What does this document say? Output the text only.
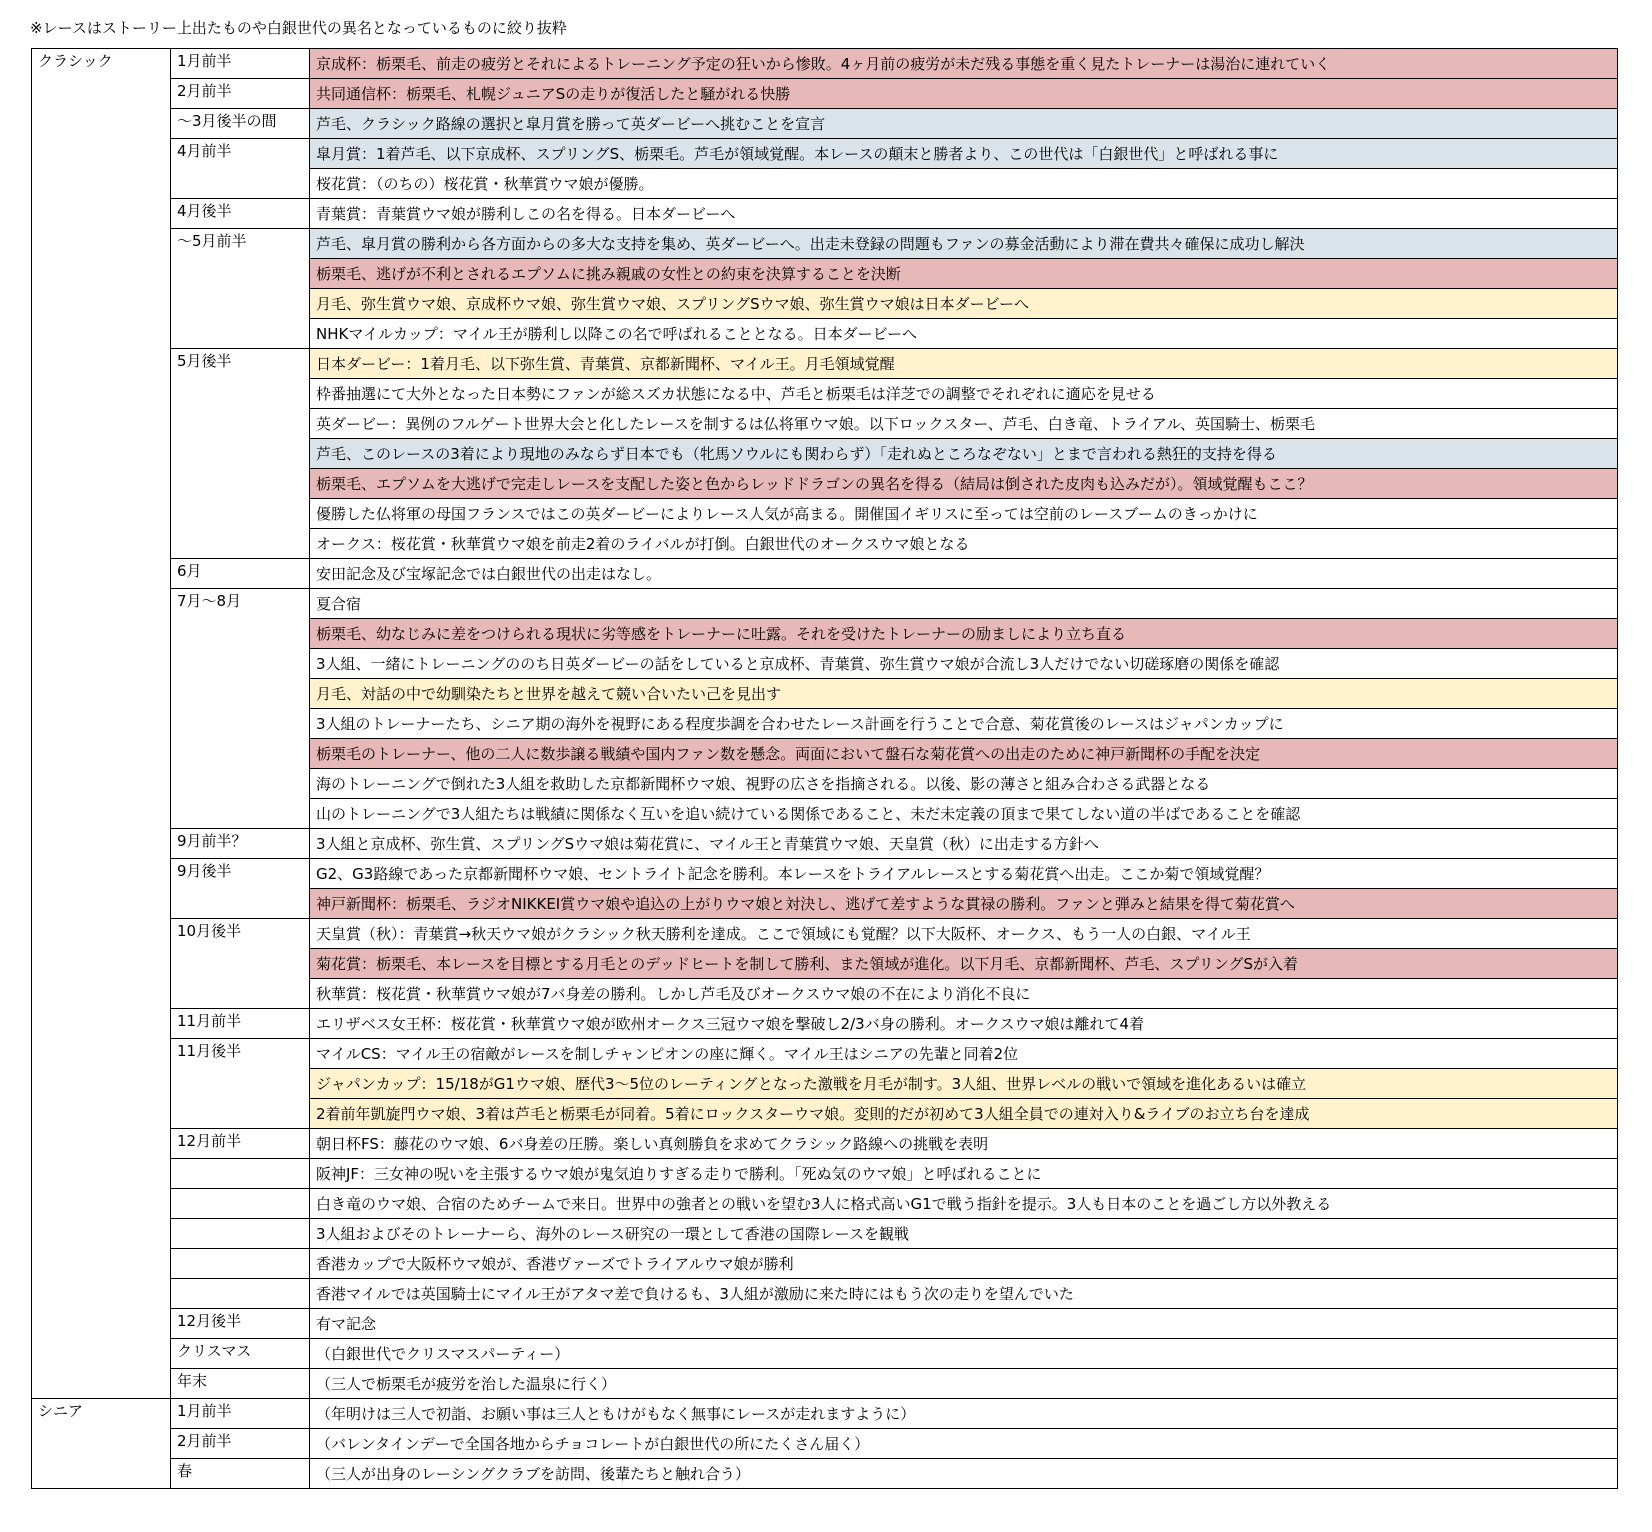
※レースはストーリー上出たものや白銀世代の異名となっているものに絞り抜粋
クラシック	1月前半	京成杯：栃栗毛、前走の疲労とそれによるトレーニング予定の狂いから惨敗。4ヶ月前の疲労が未だ残る事態を重く見たトレーナーは湯治に連れていく
	2月前半	共同通信杯：栃栗毛、札幌ジュニアSの走りが復活したと騒がれる快勝
	～3月後半の間	芦毛、クラシック路線の選択と皐月賞を勝って英ダービーへ挑むことを宣言
	4月前半	皐月賞：1着芦毛、以下京成杯、スプリングS、栃栗毛。芦毛が領域覚醒。本レースの顛末と勝者より、この世代は「白銀世代」と呼ばれる事に
		桜花賞：（のちの）桜花賞・秋華賞ウマ娘が優勝。
	4月後半	青葉賞：青葉賞ウマ娘が勝利しこの名を得る。日本ダービーへ
	～5月前半	芦毛、皐月賞の勝利から各方面からの多大な支持を集め、英ダービーへ。出走未登録の問題もファンの募金活動により滞在費共々確保に成功し解決
		栃栗毛、逃げが不利とされるエプソムに挑み親戚の女性との約束を決算することを決断
		月毛、弥生賞ウマ娘、京成杯ウマ娘、弥生賞ウマ娘、スプリングSウマ娘、弥生賞ウマ娘は日本ダービーへ
		NHKマイルカップ：マイル王が勝利し以降この名で呼ばれることとなる。日本ダービーへ
	5月後半	日本ダービー：1着月毛、以下弥生賞、青葉賞、京都新聞杯、マイル王。月毛領域覚醒
		枠番抽選にて大外となった日本勢にファンが総スズカ状態になる中、芦毛と栃栗毛は洋芝での調整でそれぞれに適応を見せる
		英ダービー：異例のフルゲート世界大会と化したレースを制するは仏将軍ウマ娘。以下ロックスター、芦毛、白き竜、トライアル、英国騎士、栃栗毛
		芦毛、このレースの3着により現地のみならず日本でも（牝馬ソウルにも関わらず）「走れぬところなぞない」とまで言われる熱狂的支持を得る
		栃栗毛、エプソムを大逃げで完走しレースを支配した姿と色からレッドドラゴンの異名を得る（結局は倒された皮肉も込みだが）。領域覚醒もここ？
		優勝した仏将軍の母国フランスではこの英ダービーによりレース人気が高まる。開催国イギリスに至っては空前のレースブームのきっかけに
		オークス：桜花賞・秋華賞ウマ娘を前走2着のライバルが打倒。白銀世代のオークスウマ娘となる
	6月	安田記念及び宝塚記念では白銀世代の出走はなし。
	7月～8月	夏合宿
		栃栗毛、幼なじみに差をつけられる現状に劣等感をトレーナーに吐露。それを受けたトレーナーの励ましにより立ち直る
		3人組、一緒にトレーニングののち日英ダービーの話をしていると京成杯、青葉賞、弥生賞ウマ娘が合流し3人だけでない切磋琢磨の関係を確認
		月毛、対話の中で幼馴染たちと世界を越えて競い合いたい己を見出す
		3人組のトレーナーたち、シニア期の海外を視野にある程度歩調を合わせたレース計画を行うことで合意、菊花賞後のレースはジャパンカップに
		栃栗毛のトレーナー、他の二人に数歩譲る戦績や国内ファン数を懸念。両面において盤石な菊花賞への出走のために神戸新聞杯の手配を決定
		海のトレーニングで倒れた3人組を救助した京都新聞杯ウマ娘、視野の広さを指摘される。以後、影の薄さと組み合わさる武器となる
		山のトレーニングで3人組たちは戦績に関係なく互いを追い続けている関係であること、未だ未定義の頂まで果てしない道の半ばであることを確認
	9月前半？	3人組と京成杯、弥生賞、スプリングSウマ娘は菊花賞に、マイル王と青葉賞ウマ娘、天皇賞（秋）に出走する方針へ
	9月後半	G2、G3路線であった京都新聞杯ウマ娘、セントライト記念を勝利。本レースをトライアルレースとする菊花賞へ出走。ここか菊で領域覚醒？
		神戸新聞杯：栃栗毛、ラジオNIKKEI賞ウマ娘や追込の上がりウマ娘と対決し、逃げて差すような貫禄の勝利。ファンと弾みと結果を得て菊花賞へ
	10月後半	天皇賞（秋）：青葉賞→秋天ウマ娘がクラシック秋天勝利を達成。ここで領域にも覚醒？以下大阪杯、オークス、もう一人の白銀、マイル王
		菊花賞：栃栗毛、本レースを目標とする月毛とのデッドヒートを制して勝利、また領域が進化。以下月毛、京都新聞杯、芦毛、スプリングSが入着
		秋華賞：桜花賞・秋華賞ウマ娘が7バ身差の勝利。しかし芦毛及びオークスウマ娘の不在により消化不良に
	11月前半	エリザベス女王杯：桜花賞・秋華賞ウマ娘が欧州オークス三冠ウマ娘を撃破し2/3バ身の勝利。オークスウマ娘は離れて4着
	11月後半	マイルCS：マイル王の宿敵がレースを制しチャンピオンの座に輝く。マイル王はシニアの先輩と同着2位
		ジャパンカップ：15/18がG1ウマ娘、歴代3～5位のレーティングとなった激戦を月毛が制す。3人組、世界レベルの戦いで領域を進化あるいは確立
		2着前年凱旋門ウマ娘、3着は芦毛と栃栗毛が同着。5着にロックスターウマ娘。変則的だが初めて3人組全員での連対入り&ライブのお立ち台を達成
	12月前半	朝日杯FS：藤花のウマ娘、6バ身差の圧勝。楽しい真剣勝負を求めてクラシック路線への挑戦を表明
		阪神JF：三女神の呪いを主張するウマ娘が鬼気迫りすぎる走りで勝利。「死ぬ気のウマ娘」と呼ばれることに
		白き竜のウマ娘、合宿のためチームで来日。世界中の強者との戦いを望む3人に格式高いG1で戦う指針を提示。3人も日本のことを過ごし方以外教える
		3人組およびそのトレーナーら、海外のレース研究の一環として香港の国際レースを観戦
		香港カップで大阪杯ウマ娘が、香港ヴァーズでトライアルウマ娘が勝利
		香港マイルでは英国騎士にマイル王がアタマ差で負けるも、3人組が激励に来た時にはもう次の走りを望んでいた
	12月後半	有マ記念
	クリスマス	（白銀世代でクリスマスパーティー）
	年末	（三人で栃栗毛が疲労を治した温泉に行く）
シニア	1月前半	（年明けは三人で初詣、お願い事は三人ともけがもなく無事にレースが走れますように）
	2月前半	（バレンタインデーで全国各地からチョコレートが白銀世代の所にたくさん届く）
	春	（三人が出身のレーシングクラブを訪問、後輩たちと触れ合う）
